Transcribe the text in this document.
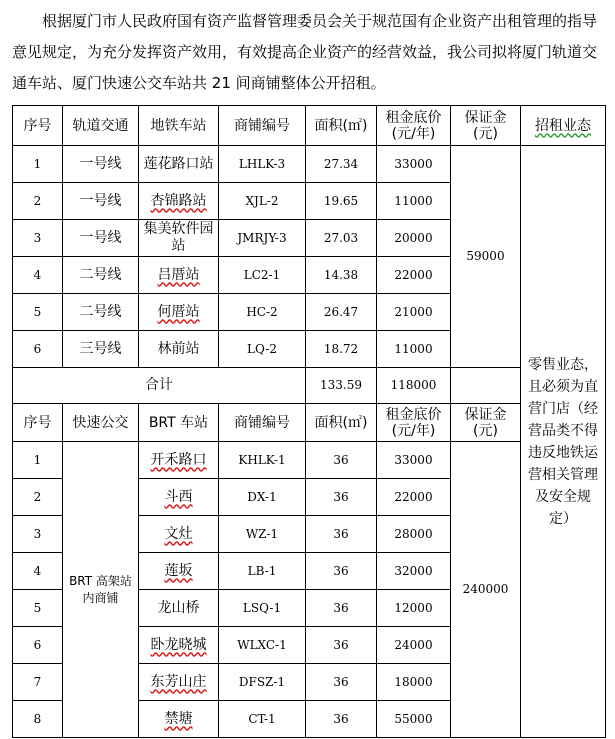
根据厦门市人民政府国有资产监督管理委员会关于规范国有企业资产出租管理的指导意见规定，为充分发挥资产效用，有效提高企业资产的经营效益，我公司拟将厦门轨道交通车站、厦门快速公交车站共 21 间商铺整体公开招租。

序号	轨道交通	地铁车站	商铺编号	面积(㎡)	租金底价(元/年)	保证金(元)	招租业态
1	一号线	莲花路口站	LHLK-3	27.34	33000	59000	零售业态，且必须为直营门店（经营品类不得违反地铁运营相关管理及安全规定）
2	一号线	杏锦路站	XJL-2	19.65	11000		
3	一号线	集美软件园站	JMRJY-3	27.03	20000		
4	二号线	吕厝站	LC2-1	14.38	22000		
5	二号线	何厝站	HC-2	26.47	21000		
6	三号线	林前站	LQ-2	18.72	11000		
合计				133.59	118000		
序号	快速公交	BRT 车站	商铺编号	面积(㎡)	租金底价(元/年)	保证金(元)	
1	BRT 高架站内商铺	开禾路口	KHLK-1	36	33000	240000	
2		斗西	DX-1	36	22000		
3		文灶	WZ-1	36	28000		
4		莲坂	LB-1	36	32000		
5		龙山桥	LSQ-1	36	12000		
6		卧龙晓城	WLXC-1	36	24000		
7		东芳山庄	DFSZ-1	36	18000		
8		禁塘	CT-1	36	55000		
